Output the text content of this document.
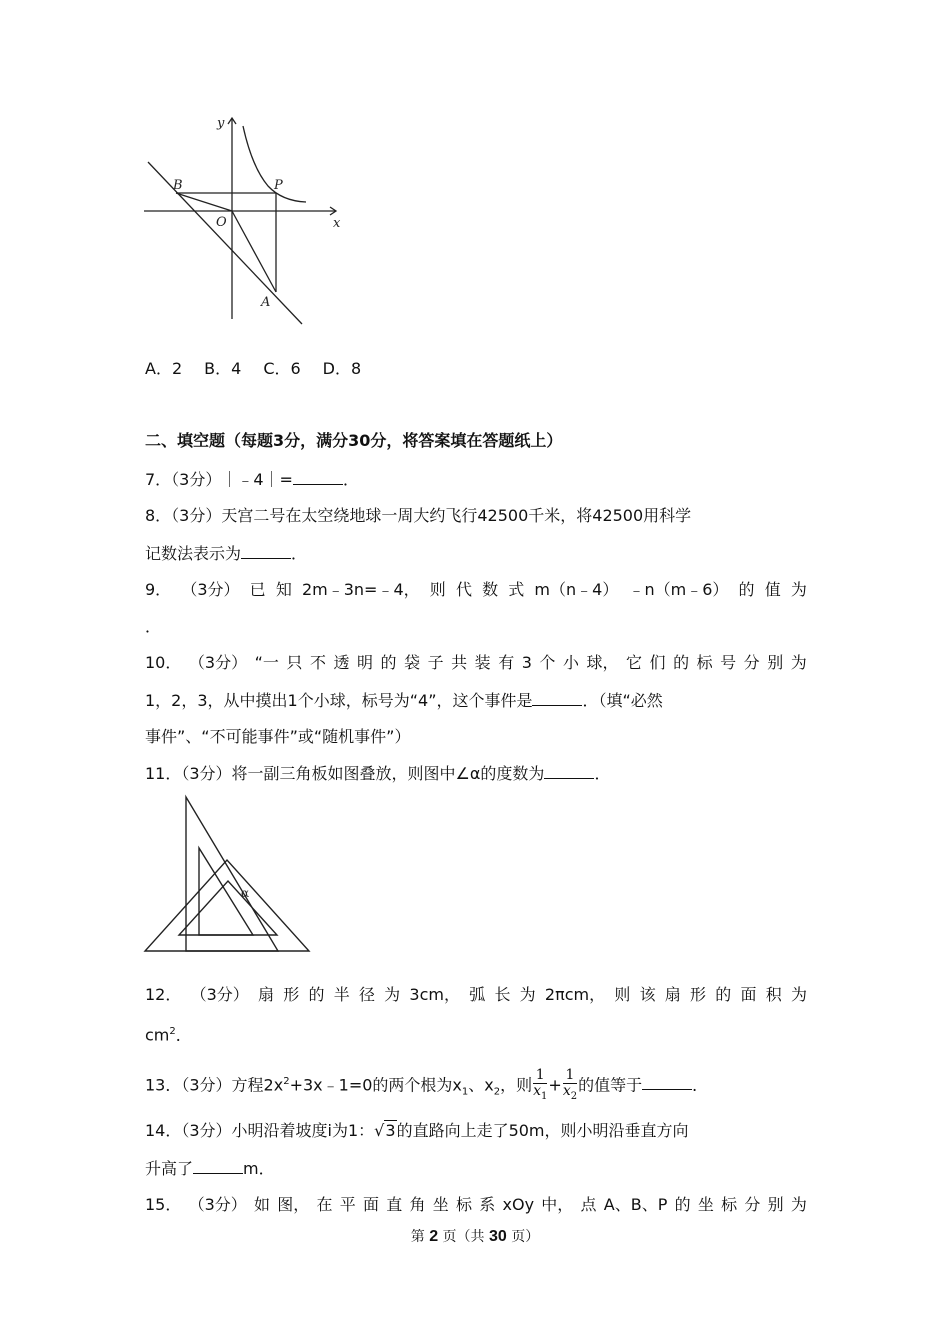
y
x
O
B	P
A
A．2 B．4 C．6 D．8
二、填空题（每题3分，满分30分，将答案填在答题纸上）
7．（3分）｜﹣4｜=	．
8．（3分）天宫二号在太空绕地球一周大约飞行42500千米，将42500用科学
记数法表示为	．
9． （3分） 已 知 2m﹣3n=﹣4， 则 代 数 式 m（n﹣4） ﹣n（m﹣6） 的 值 为
．
10． （3分） “一 只 不 透 明 的 袋 子 共 装 有 3 个 小 球， 它 们 的 标 号 分 别 为
1，2，3，从中摸出1个小球，标号为“4”，这个事件是	．（填“必然
事件”、“不可能事件”或“随机事件”）
11．（3分）将一副三角板如图叠放，则图中∠α的度数为	．
α
12． （3分） 扇 形 的 半 径 为 3cm， 弧 长 为 2πcm， 则 该 扇 形 的 面 积 为
$cm^2$．
13．（3分）方程$2x^2+3x﹣1=0$的两个根为$x_1$、$x_2$，则 $\frac{1}{x_1} + \frac{1}{x_2}$ 的值等于	．
14．（3分）小明沿着坡度i为1：√3的直路向上走了50m，则小明沿垂直方向
升高了	m．
15． （3分） 如 图， 在 平 面 直 角 坐 标 系 xOy 中， 点 A、B、P 的 坐 标 分 别 为
第 2 页（共 30 页）
